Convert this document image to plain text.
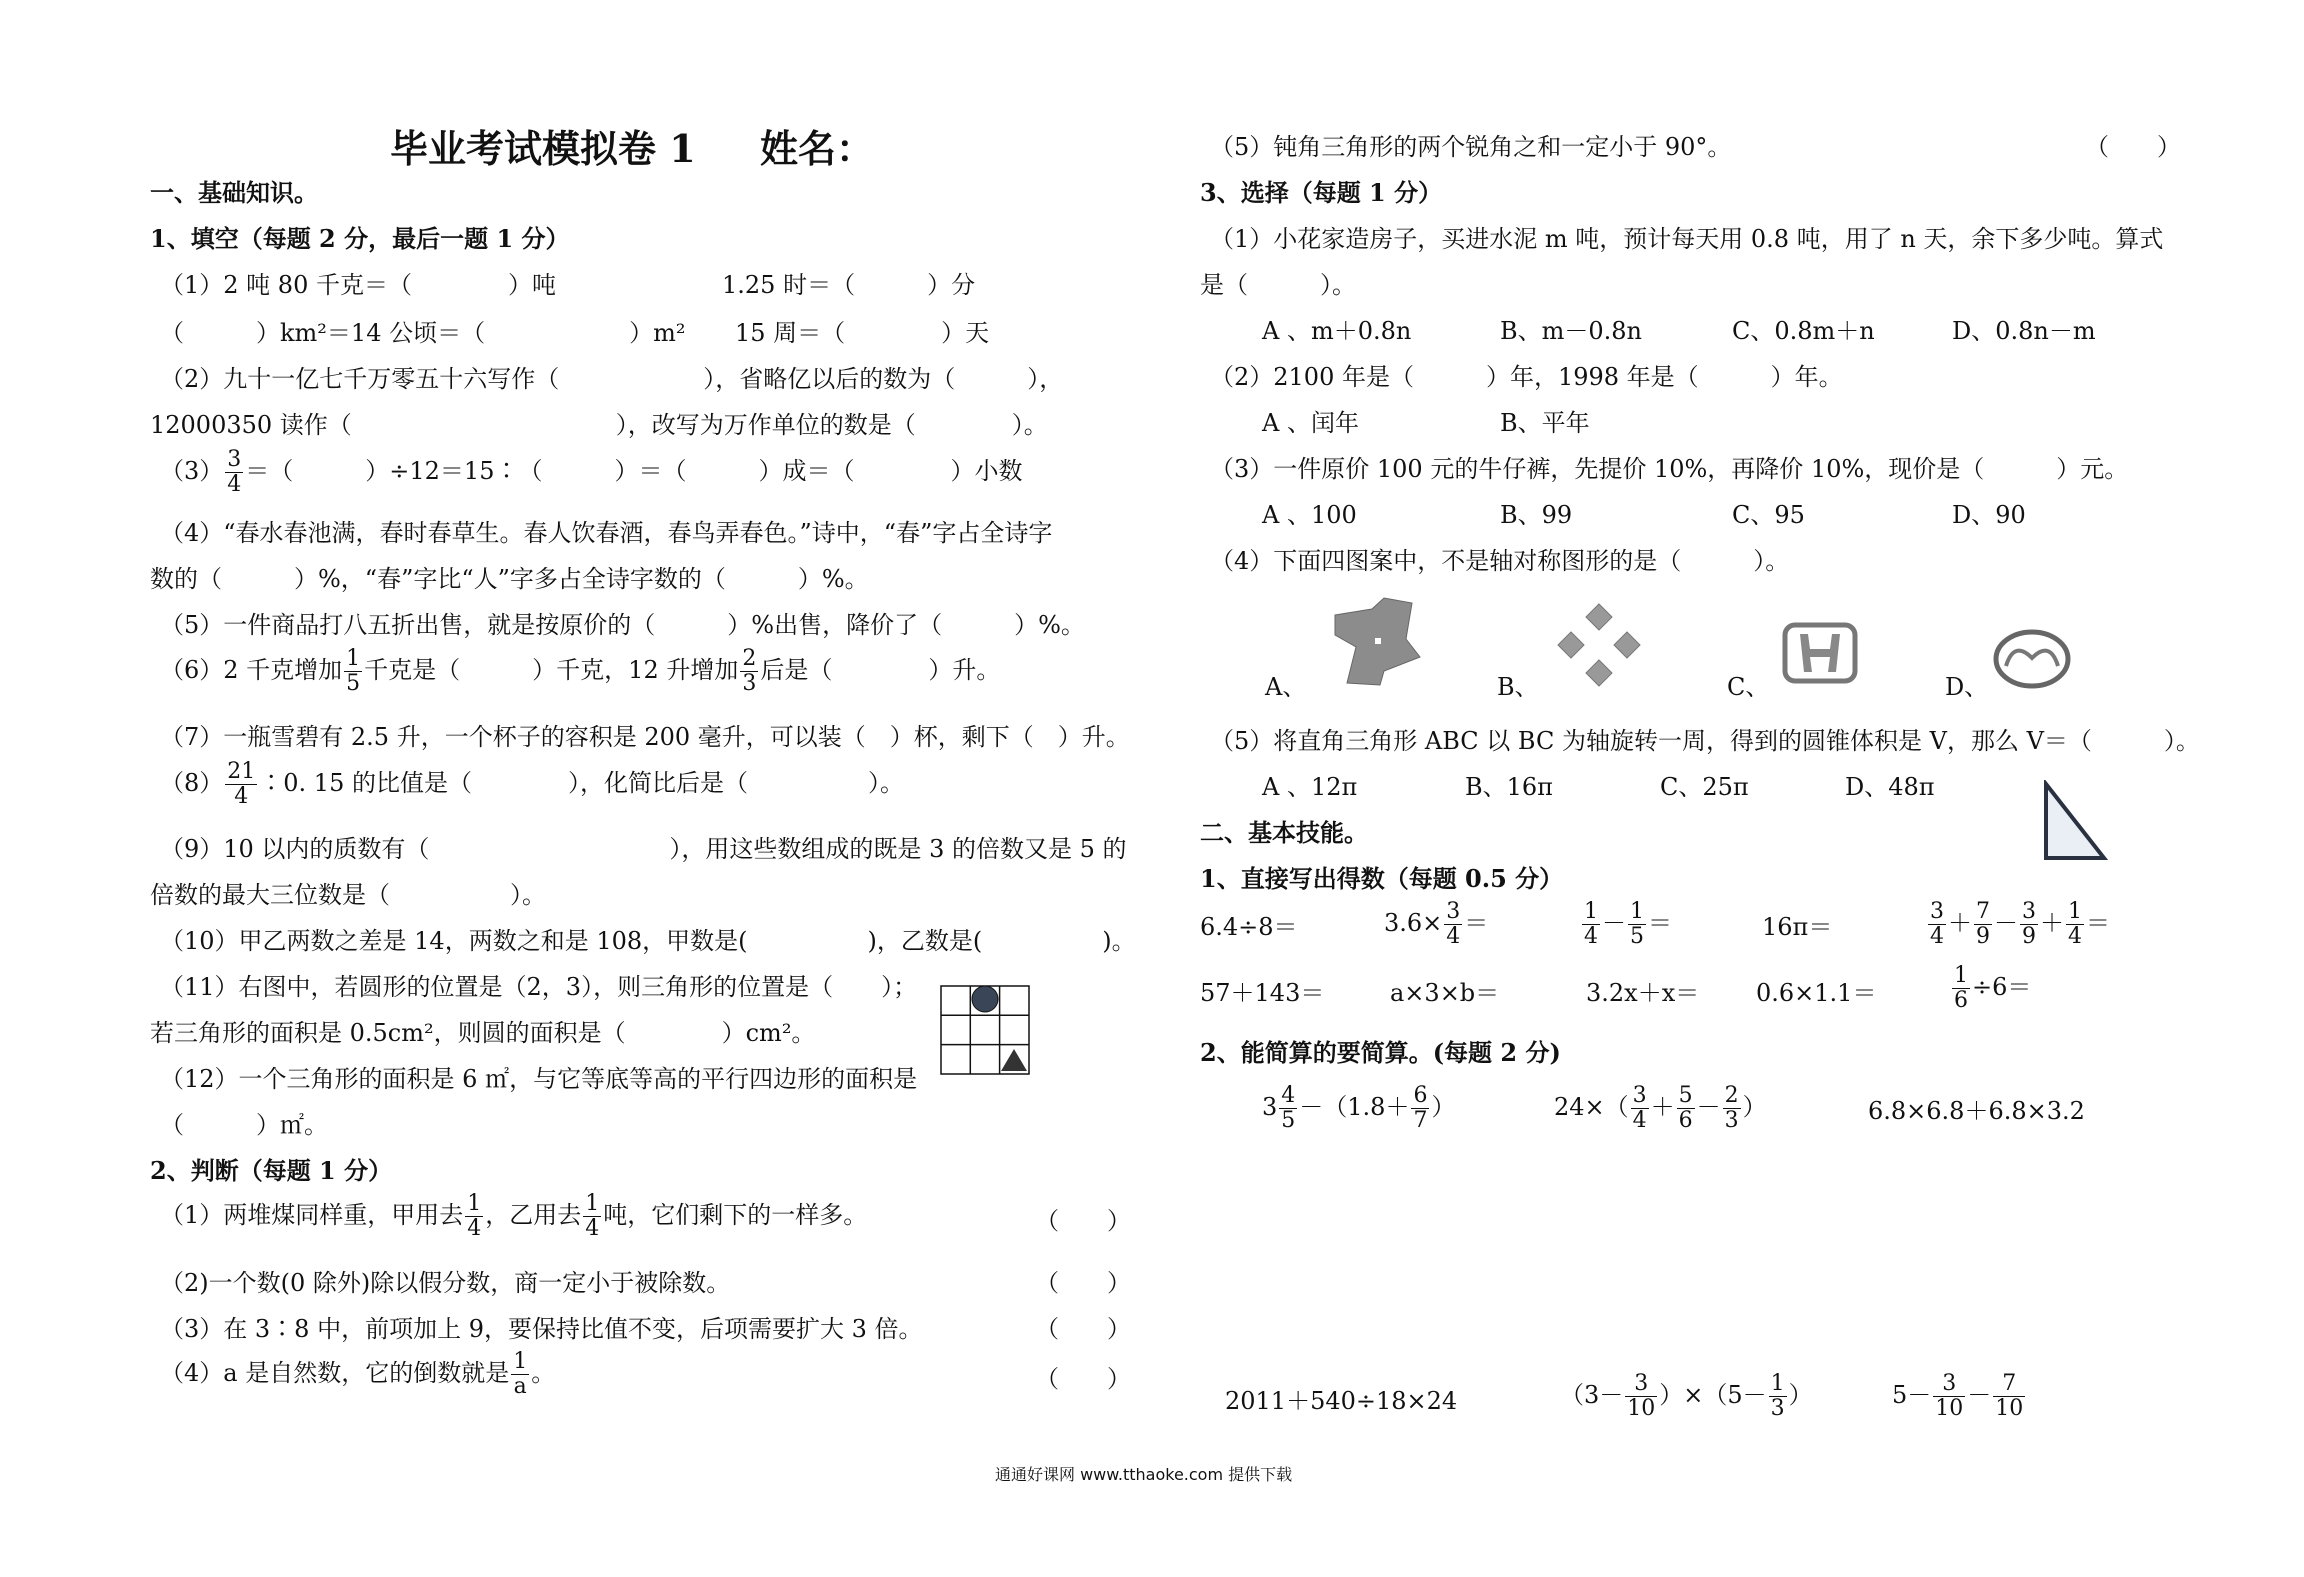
毕业考试模拟卷 1 姓名：
一、基础知识。
1、填空（每题 2 分，最后一题 1 分）
（1）2 吨 80 千克＝（　　　　）吨	1.25 时＝（　　　）分
（　　　）km²＝14 公顷＝（　　　　　　）m² 15 周＝（　　　　）天
（2）九十一亿七千万零五十六写作（　　　　　　），省略亿以后的数为（　　　），
12000350 读作（　　　　　　　　　　　），改写为万作单位的数是（　　　　）。
$(3) \frac{3}{4}$ ＝（　　　）÷12＝15∶（　　　）＝（　　　）成＝（　　　　）小数
（4）“春水春池满，春时春草生。春人饮春酒，春鸟弄春色。”诗中，“春”字占全诗字
数的（　　　）%，“春”字比“人”字多占全诗字数的（　　　）%。
（5）一件商品打八五折出售，就是按原价的（　　　）%出售，降价了（　　　）%。
（6）2 千克增加 $\frac{1}{5}$ 千克是（　　　）千克，12 升增加 $\frac{2}{3}$ 后是（　　　　）升。
（7）一瓶雪碧有 2.5 升，一个杯子的容积是 200 毫升，可以装（　）杯，剩下（　）升。
$(8) \frac{21}{4}$ ∶0. 15 的比值是（　　　　），化简比后是（　　　　　）。
（9）10 以内的质数有（　　　　　　　　　　），用这些数组成的既是 3 的倍数又是 5 的
倍数的最大三位数是（　　　　　）。
（10）甲乙两数之差是 14，两数之和是 108，甲数是(　　　　　)，乙数是(　　　　　)。
（11）右图中，若圆形的位置是（2，3），则三角形的位置是（　　）；
若三角形的面积是 0.5cm²，则圆的面积是（　　　　）cm²。
（12）一个三角形的面积是 6 ㎡，与它等底等高的平行四边形的面积是
（　　　）㎡。
2、判断（每题 1 分）
（1）两堆煤同样重，甲用去 $\frac{1}{4}$ ，乙用去 $\frac{1}{4}$ 吨，它们剩下的一样多。	（　　）
（2)一个数(0 除外)除以假分数，商一定小于被除数。	（　　）
（3）在 3∶8 中，前项加上 9，要保持比值不变，后项需要扩大 3 倍。	（　　）
（4）a 是自然数，它的倒数就是 $\frac{1}{a}$ 。	（　　）
（5）钝角三角形的两个锐角之和一定小于 90°。	（　　）
3、选择（每题 1 分）
（1）小花家造房子，买进水泥 m 吨，预计每天用 0.8 吨，用了 n 天，余下多少吨。算式
是（　　　）。
A 、m＋0.8n	B、m－0.8n	C、0.8m＋n	D、0.8n－m
（2）2100 年是（　　　）年，1998 年是（　　　）年。
A 、闰年	B、平年
（3）一件原价 100 元的牛仔裤，先提价 10%，再降价 10%，现价是（　　　）元。
A 、100	B、99	C、95	D、90
（4）下面四图案中，不是轴对称图形的是（　　　）。
A、	B、	C、	D、
（5）将直角三角形 ABC 以 BC 为轴旋转一周，得到的圆锥体积是 V，那么 V＝（　　　）。
A 、12π	B、16π	C、25π	D、48π
二、基本技能。
1、直接写出得数（每题 0.5 分）
6.4÷8＝	$3.6\times \frac{3}{4}$ ＝	$\frac{1}{4} - \frac{1}{5}$ ＝	16π＝	$\frac{3}{4} + \frac{7}{9} - \frac{3}{9} + \frac{1}{4}$ ＝
57＋143＝	a×3×b＝	3.2x＋x＝ 0.6×1.1＝	$\frac{1}{6} \div 6=$
2、能简算的要简算。(每题 2 分)
$3 \frac{4}{5} -(1.8+ \frac{6}{7}$ ）	$24\times( \frac{3}{4} + \frac{5}{6} - \frac{2}{3}$ ）	6.8×6.8＋6.8×3.2
2011＋540÷18×24	$(3- \frac{3}{10} )\times(5- \frac{1}{3}$ ）	$5- \frac{3}{10} - \frac{7}{10}$
通通好课网 www.tthaoke.com 提供下载
